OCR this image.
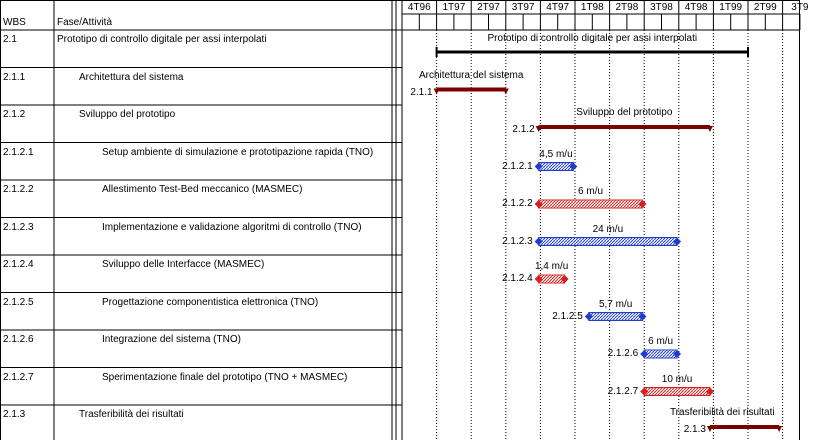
4T96	1T97	2T97	3T97	4T97	1T98	2T98	3T98	4T98	1T99	2T99	3T9
WBS	Fase/Attività
2.1	Prototipo di controllo digitale per assi interpolati
2.1.1	Architettura del sistema
2.1.2	Sviluppo del prototipo
2.1.2.1	Setup ambiente di simulazione e prototipazione rapida (TNO)
2.1.2.2	Allestimento Test-Bed meccanico (MASMEC)
2.1.2.3	Implementazione e validazione algoritmi di controllo (TNO)
2.1.2.4	Sviluppo delle Interfacce (MASMEC)
2.1.2.5	Progettazione componentistica elettronica (TNO)
2.1.2.6	Integrazione del sistema (TNO)
2.1.2.7	Sperimentazione finale del prototipo (TNO + MASMEC)
2.1.3	Trasferibilità dei risultati
Prototipo di controllo digitale per assi interpolati
Architettura del sistema
2.1.1
Sviluppo del prototipo
2.1.2
4,5 m/u
2.1.2.1
6 m/u
2.1.2.2
24 m/u
2.1.2.3
1,4 m/u
2.1.2.4
5,7 m/u
2.1.2.5
6 m/u
2.1.2.6
10 m/u
2.1.2.7
Trasferibilità dei risultati
2.1.3
